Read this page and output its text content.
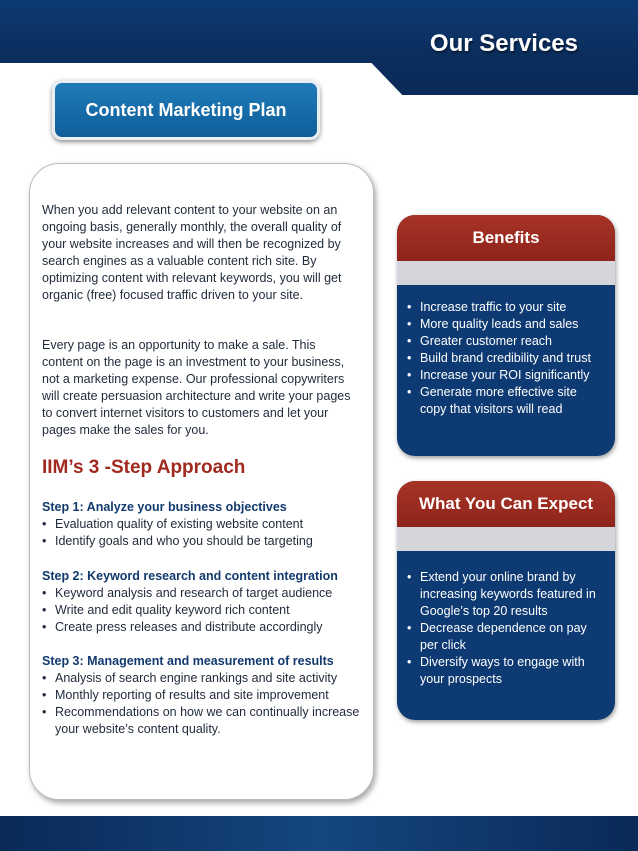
Our Services
Content Marketing Plan
When you add relevant content to your website on an ongoing basis, generally monthly, the overall quality of your website increases and will then be recognized by search engines as a valuable content rich site. By optimizing content with relevant keywords, you will get organic (free) focused traffic driven to your site.
Every page is an opportunity to make a sale. This content on the page is an investment to your business, not a marketing expense. Our professional copywriters will create persuasion architecture and write your pages to convert internet visitors to customers and let your pages make the sales for you.
IIM’s 3 -Step Approach
Step 1: Analyze your business objectives
• Evaluation quality of existing website content
• Identify goals and who you should be targeting
Step 2: Keyword research and content integration
• Keyword analysis and research of target audience
• Write and edit quality keyword rich content
• Create press releases and distribute accordingly
Step 3: Management and measurement of results
• Analysis of search engine rankings and site activity
• Monthly reporting of results and site improvement
• Recommendations on how we can continually increase your website’s content quality.
Benefits
• Increase traffic to your site
• More quality leads and sales
• Greater customer reach
• Build brand credibility and trust
• Increase your ROI significantly
• Generate more effective site copy that visitors will read
What You Can Expect
• Extend your online brand by increasing keywords featured in Google’s top 20 results
• Decrease dependence on pay per click
• Diversify ways to engage with your prospects
